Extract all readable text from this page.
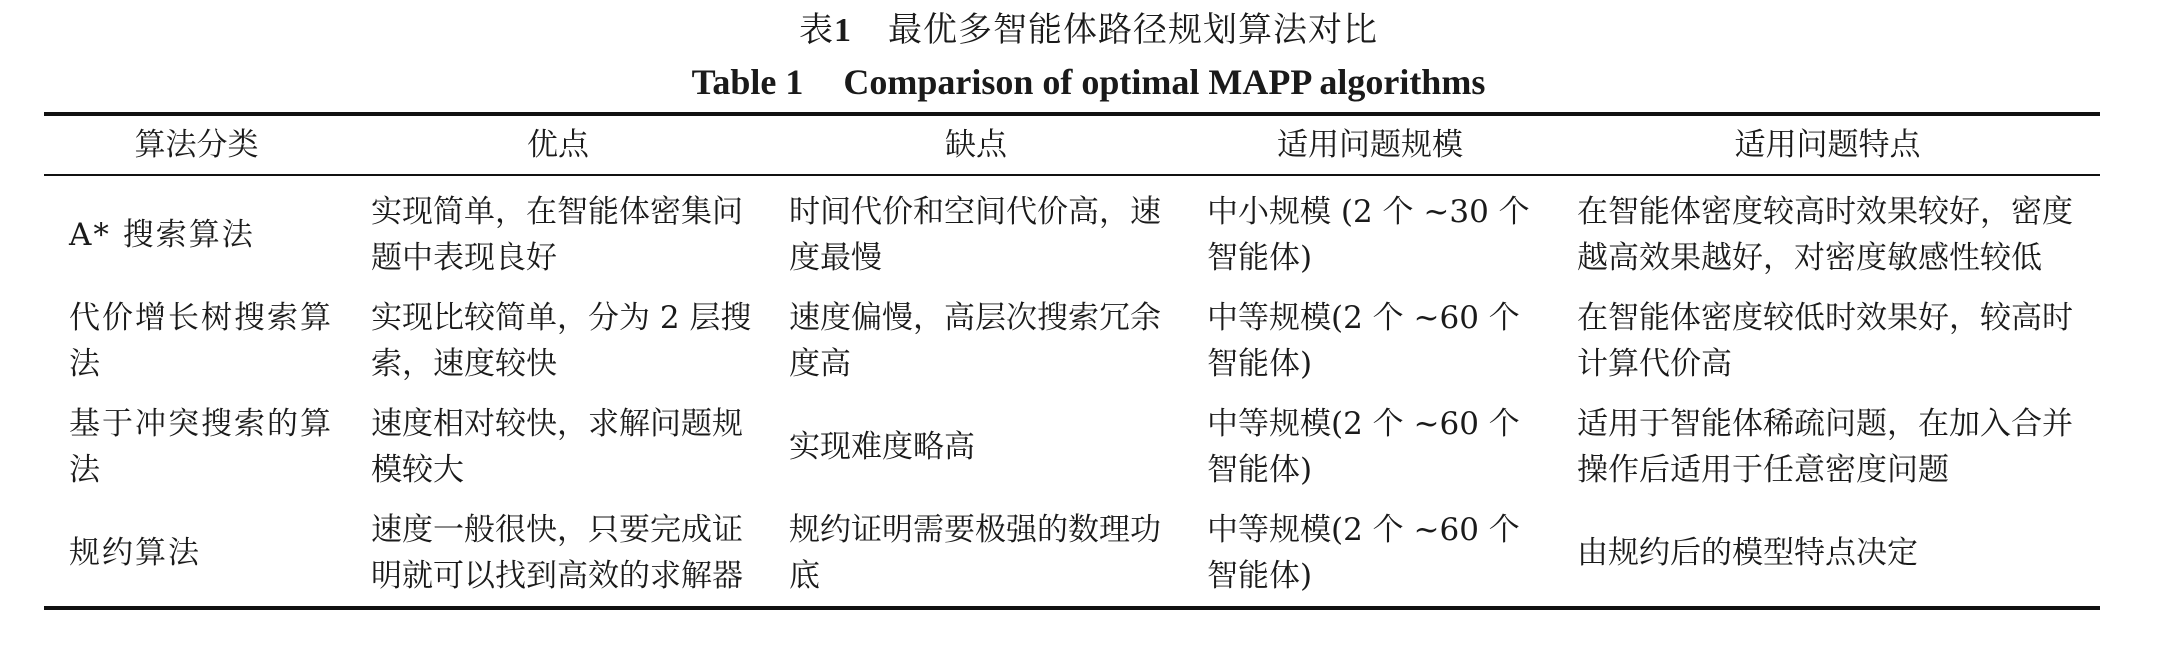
表1 最优多智能体路径规划算法对比
Table 1 Comparison of optimal MAPP algorithms
算法分类	优点	缺点	适用问题规模	适用问题特点

A* 搜索算法	实现简单，在智能体密集问题中表现良好	时间代价和空间代价高，速度最慢	中小规模 (2 个 ~30 个智能体)	在智能体密度较高时效果较好，密度越高效果越好，对密度敏感性较低

代价增长树搜索算法	实现比较简单，分为 2 层搜索，速度较快	速度偏慢，高层次搜索冗余度高	中等规模(2 个 ~60 个智能体)	在智能体密度较低时效果好，较高时计算代价高

基于冲突搜索的算法	速度相对较快，求解问题规模较大	实现难度略高	中等规模(2 个 ~60 个智能体)	适用于智能体稀疏问题，在加入合并操作后适用于任意密度问题

规约算法	速度一般很快，只要完成证明就可以找到高效的求解器	规约证明需要极强的数理功底	中等规模(2 个 ~60 个智能体)	由规约后的模型特点决定
